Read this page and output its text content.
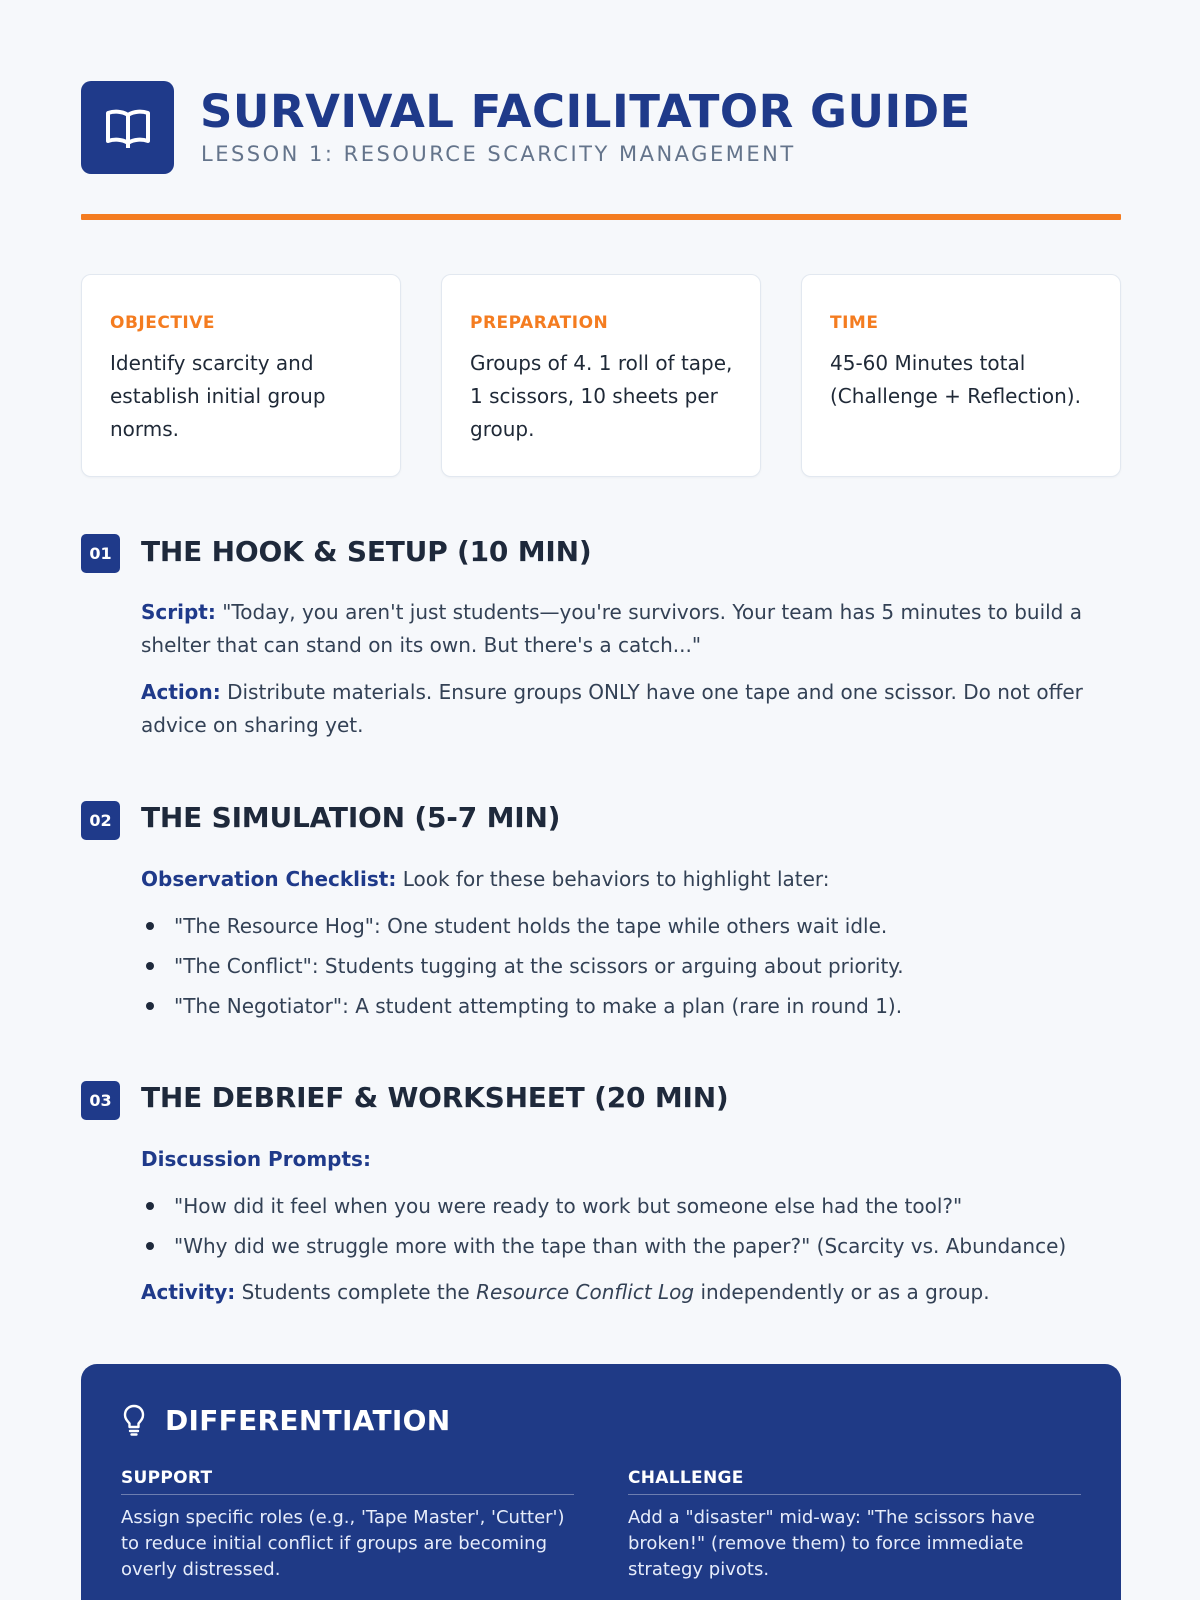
SURVIVAL FACILITATOR GUIDE
LESSON 1: RESOURCE SCARCITY MANAGEMENT
OBJECTIVE
Identify scarcity and establish initial group norms.
PREPARATION
Groups of 4. 1 roll of tape, 1 scissors, 10 sheets per group.
TIME
45-60 Minutes total (Challenge + Reflection).
01 THE HOOK & SETUP (10 MIN)
Script: "Today, you aren't just students—you're survivors. Your team has 5 minutes to build a shelter that can stand on its own. But there's a catch..."
Action: Distribute materials. Ensure groups ONLY have one tape and one scissor. Do not offer advice on sharing yet.
02 THE SIMULATION (5-7 MIN)
Observation Checklist: Look for these behaviors to highlight later:
"The Resource Hog": One student holds the tape while others wait idle.
"The Conflict": Students tugging at the scissors or arguing about priority.
"The Negotiator": A student attempting to make a plan (rare in round 1).
03 THE DEBRIEF & WORKSHEET (20 MIN)
Discussion Prompts:
"How did it feel when you were ready to work but someone else had the tool?"
"Why did we struggle more with the tape than with the paper?" (Scarcity vs. Abundance)
Activity: Students complete the Resource Conflict Log independently or as a group.
DIFFERENTIATION
SUPPORT
Assign specific roles (e.g., 'Tape Master', 'Cutter') to reduce initial conflict if groups are becoming overly distressed.
CHALLENGE
Add a "disaster" mid-way: "The scissors have broken!" (remove them) to force immediate strategy pivots.
